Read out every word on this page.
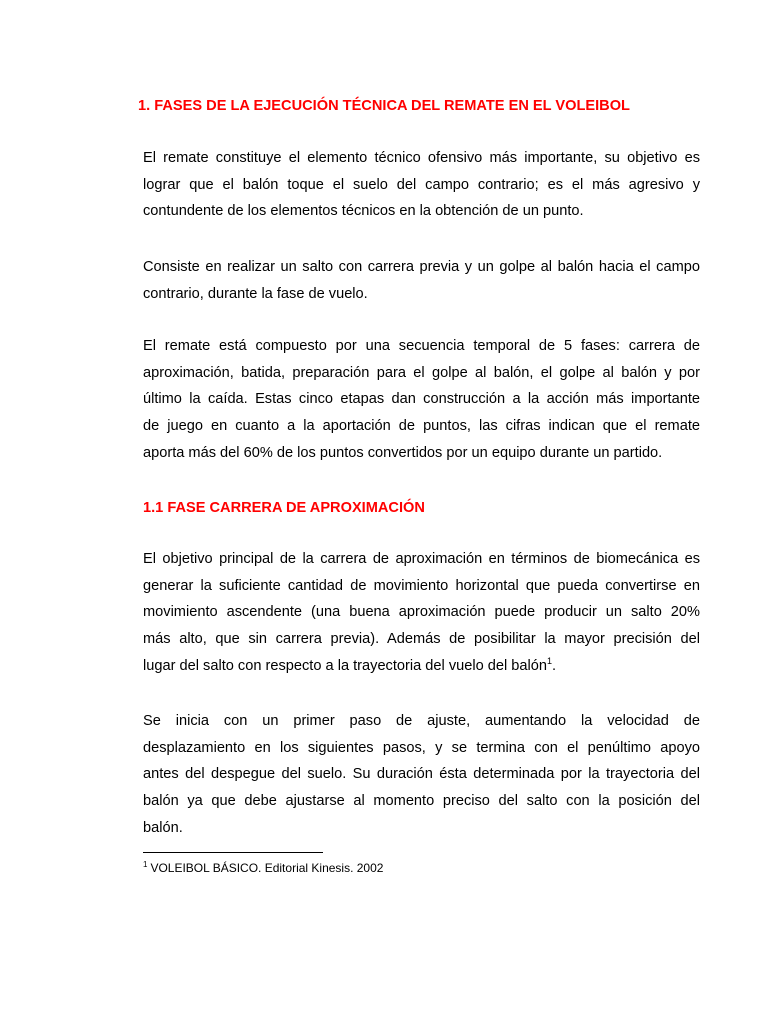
1. FASES DE LA EJECUCIÓN TÉCNICA DEL REMATE EN EL VOLEIBOL

El remate constituye el elemento técnico ofensivo más importante, su objetivo es
lograr que el balón toque el suelo del campo contrario; es el más agresivo y
contundente de los elementos técnicos en la obtención de un punto.

Consiste en realizar un salto con carrera previa y un golpe al balón hacia el campo
contrario, durante la fase de vuelo.

El remate está compuesto por una secuencia temporal de 5 fases: carrera de
aproximación, batida, preparación para el golpe al balón, el golpe al balón y por
último la caída. Estas cinco etapas dan construcción a la acción más importante
de juego en cuanto a la aportación de puntos, las cifras indican que el remate
aporta más del 60% de los puntos convertidos por un equipo durante un partido.

1.1 FASE CARRERA DE APROXIMACIÓN

El objetivo principal de la carrera de aproximación en términos de biomecánica es
generar la suficiente cantidad de movimiento horizontal que pueda convertirse en
movimiento ascendente (una buena aproximación puede producir un salto 20%
más alto, que sin carrera previa). Además de posibilitar la mayor precisión del
lugar del salto con respecto a la trayectoria del vuelo del balón$^1$.

Se inicia con un primer paso de ajuste, aumentando la velocidad de
desplazamiento en los siguientes pasos, y se termina con el penúltimo apoyo
antes del despegue del suelo. Su duración ésta determinada por la trayectoria del
balón ya que debe ajustarse al momento preciso del salto con la posición del
balón.

$^1$ VOLEIBOL BÁSICO. Editorial Kinesis. 2002
